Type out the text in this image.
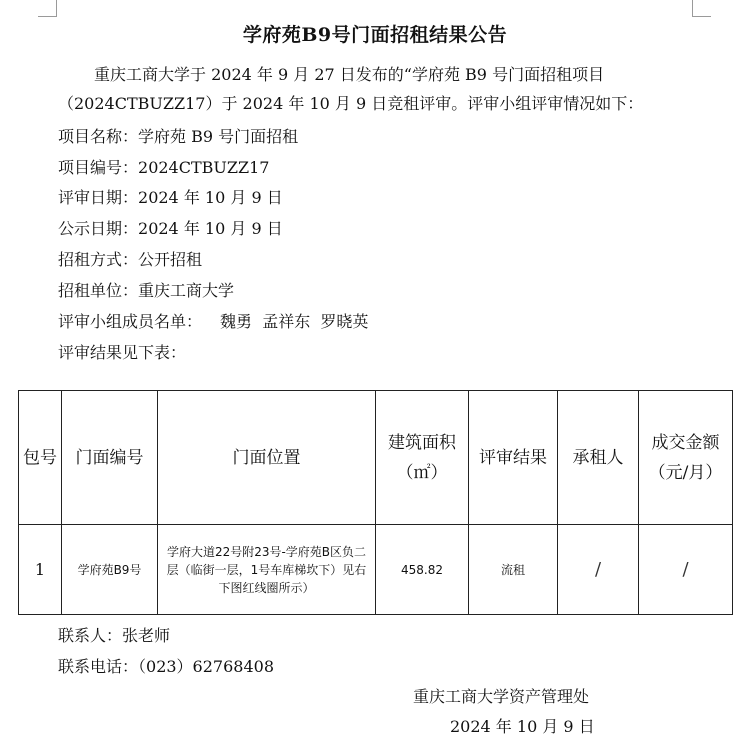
学府苑B9号门面招租结果公告
重庆工商大学于 2024 年 9 月 27 日发布的“学府苑 B9 号门面招租项目
（2024CTBUZZ17）于 2024 年 10 月 9 日竞租评审。评审小组评审情况如下：
项目名称：学府苑 B9 号门面招租
项目编号：2024CTBUZZ17
评审日期：2024 年 10 月 9 日
公示日期：2024 年 10 月 9 日
招租方式：公开招租
招租单位：重庆工商大学
评审小组成员名单： 魏勇  孟祥东  罗晓英
评审结果见下表：
包号	门面编号	门面位置	建筑面积（㎡）	评审结果	承租人	成交金额（元/月）
1	学府苑B9号	学府大道22号附23号-学府苑B区负二层（临街一层，1号车库梯坎下）见右下图红线圈所示）	458.82	流租	/	/
联系人：张老师
联系电话：（023）62768408
重庆工商大学资产管理处
2024 年 10 月 9 日
